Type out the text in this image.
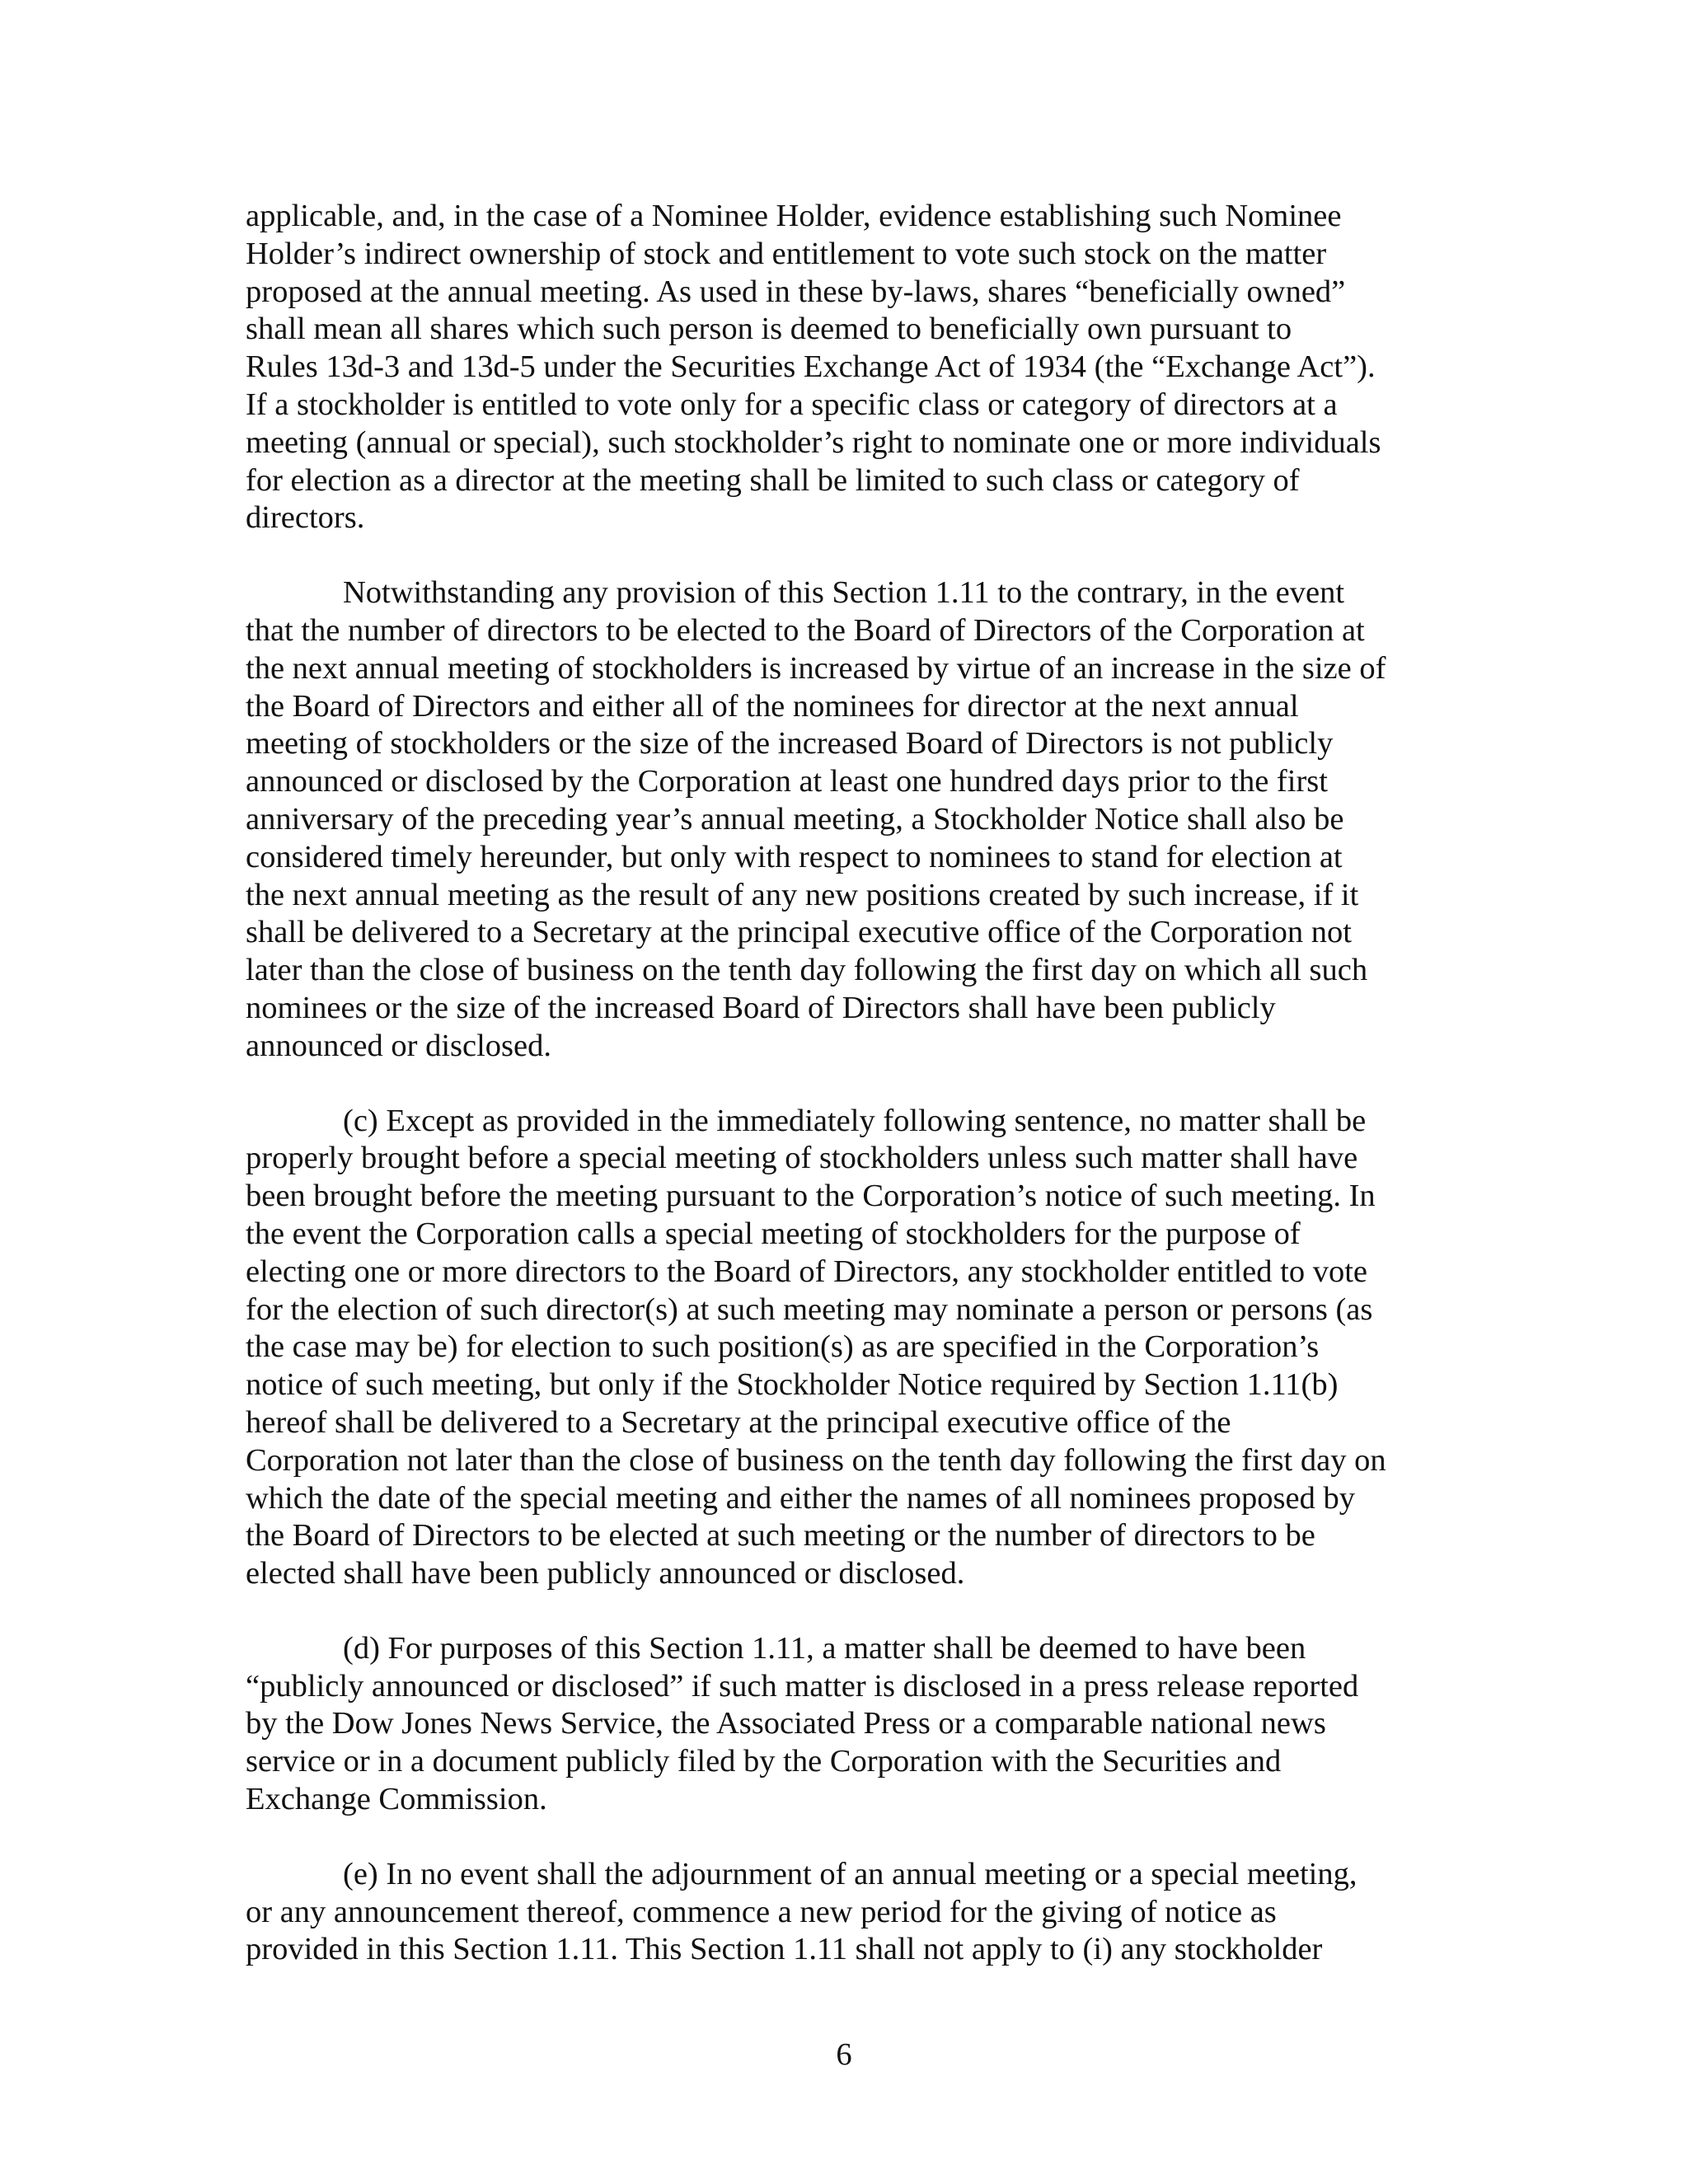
applicable, and, in the case of a Nominee Holder, evidence establishing such Nominee
Holder’s indirect ownership of stock and entitlement to vote such stock on the matter
proposed at the annual meeting. As used in these by-laws, shares “beneficially owned”
shall mean all shares which such person is deemed to beneficially own pursuant to
Rules 13d-3 and 13d-5 under the Securities Exchange Act of 1934 (the “Exchange Act”).
If a stockholder is entitled to vote only for a specific class or category of directors at a
meeting (annual or special), such stockholder’s right to nominate one or more individuals
for election as a director at the meeting shall be limited to such class or category of
directors.

Notwithstanding any provision of this Section 1.11 to the contrary, in the event
that the number of directors to be elected to the Board of Directors of the Corporation at
the next annual meeting of stockholders is increased by virtue of an increase in the size of
the Board of Directors and either all of the nominees for director at the next annual
meeting of stockholders or the size of the increased Board of Directors is not publicly
announced or disclosed by the Corporation at least one hundred days prior to the first
anniversary of the preceding year’s annual meeting, a Stockholder Notice shall also be
considered timely hereunder, but only with respect to nominees to stand for election at
the next annual meeting as the result of any new positions created by such increase, if it
shall be delivered to a Secretary at the principal executive office of the Corporation not
later than the close of business on the tenth day following the first day on which all such
nominees or the size of the increased Board of Directors shall have been publicly
announced or disclosed.

(c) Except as provided in the immediately following sentence, no matter shall be
properly brought before a special meeting of stockholders unless such matter shall have
been brought before the meeting pursuant to the Corporation’s notice of such meeting. In
the event the Corporation calls a special meeting of stockholders for the purpose of
electing one or more directors to the Board of Directors, any stockholder entitled to vote
for the election of such director(s) at such meeting may nominate a person or persons (as
the case may be) for election to such position(s) as are specified in the Corporation’s
notice of such meeting, but only if the Stockholder Notice required by Section 1.11(b)
hereof shall be delivered to a Secretary at the principal executive office of the
Corporation not later than the close of business on the tenth day following the first day on
which the date of the special meeting and either the names of all nominees proposed by
the Board of Directors to be elected at such meeting or the number of directors to be
elected shall have been publicly announced or disclosed.

(d) For purposes of this Section 1.11, a matter shall be deemed to have been
“publicly announced or disclosed” if such matter is disclosed in a press release reported
by the Dow Jones News Service, the Associated Press or a comparable national news
service or in a document publicly filed by the Corporation with the Securities and
Exchange Commission.

(e) In no event shall the adjournment of an annual meeting or a special meeting,
or any announcement thereof, commence a new period for the giving of notice as
provided in this Section 1.11. This Section 1.11 shall not apply to (i) any stockholder

6
